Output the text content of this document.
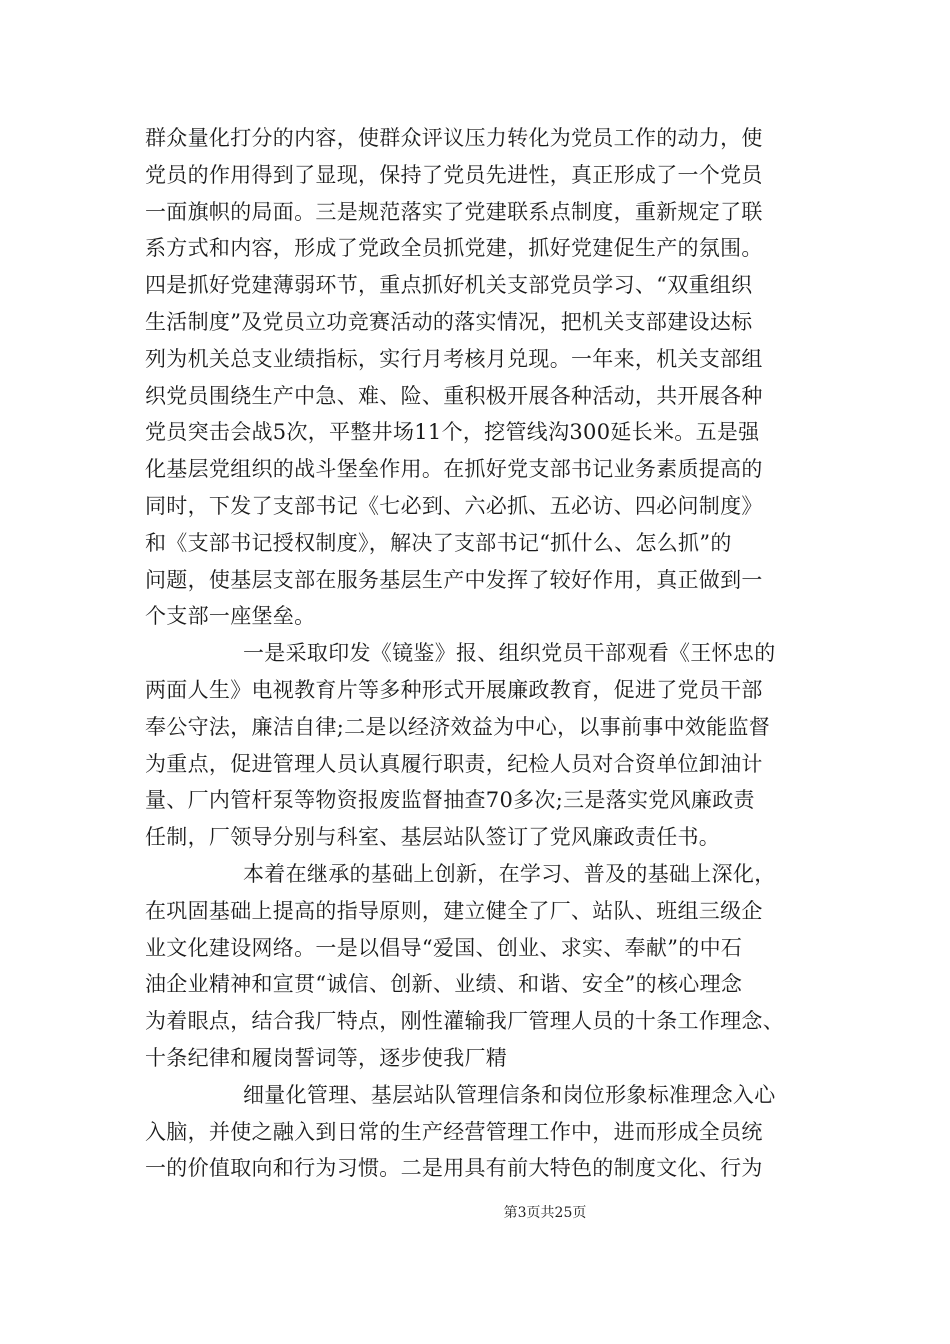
群众量化打分的内容，使群众评议压力转化为党员工作的动力，使
党员的作用得到了显现，保持了党员先进性，真正形成了一个党员
一面旗帜的局面。三是规范落实了党建联系点制度，重新规定了联
系方式和内容，形成了党政全员抓党建，抓好党建促生产的氛围。
四是抓好党建薄弱环节，重点抓好机关支部党员学习、“双重组织
生活制度”及党员立功竞赛活动的落实情况，把机关支部建设达标
列为机关总支业绩指标，实行月考核月兑现。一年来，机关支部组
织党员围绕生产中急、难、险、重积极开展各种活动，共开展各种
党员突击会战5次，平整井场11个，挖管线沟300延长米。五是强
化基层党组织的战斗堡垒作用。在抓好党支部书记业务素质提高的
同时，下发了支部书记《七必到、六必抓、五必访、四必问制度》
和《支部书记授权制度》，解决了支部书记“抓什么、怎么抓”的
问题，使基层支部在服务基层生产中发挥了较好作用，真正做到一
个支部一座堡垒。
一是采取印发《镜鉴》报、组织党员干部观看《王怀忠的
两面人生》电视教育片等多种形式开展廉政教育，促进了党员干部
奉公守法，廉洁自律;二是以经济效益为中心，以事前事中效能监督
为重点，促进管理人员认真履行职责，纪检人员对合资单位卸油计
量、厂内管杆泵等物资报废监督抽查70多次;三是落实党风廉政责
任制，厂领导分别与科室、基层站队签订了党风廉政责任书。
本着在继承的基础上创新，在学习、普及的基础上深化，
在巩固基础上提高的指导原则，建立健全了厂、站队、班组三级企
业文化建设网络。一是以倡导“爱国、创业、求实、奉献”的中石
油企业精神和宣贯“诚信、创新、业绩、和谐、安全”的核心理念
为着眼点，结合我厂特点，刚性灌输我厂管理人员的十条工作理念、
十条纪律和履岗誓词等，逐步使我厂精
细量化管理、基层站队管理信条和岗位形象标准理念入心
入脑，并使之融入到日常的生产经营管理工作中，进而形成全员统
一的价值取向和行为习惯。二是用具有前大特色的制度文化、行为
第3页共25页
